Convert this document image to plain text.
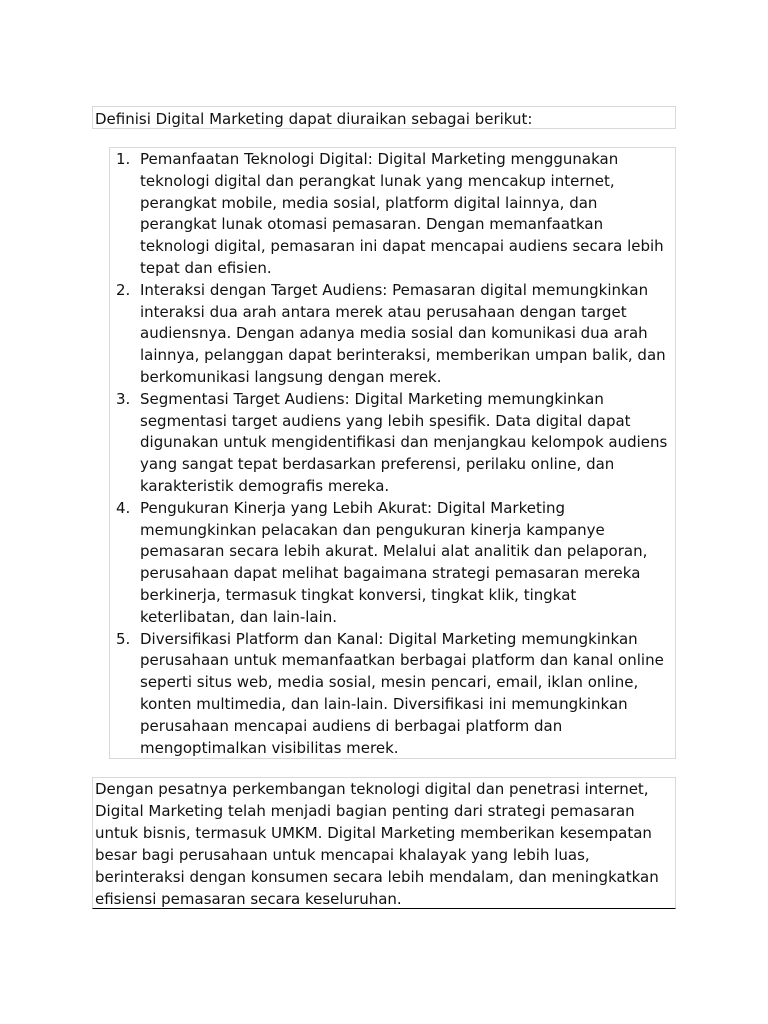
Definisi Digital Marketing dapat diuraikan sebagai berikut:
1. Pemanfaatan Teknologi Digital: Digital Marketing menggunakan teknologi digital dan perangkat lunak yang mencakup internet, perangkat mobile, media sosial, platform digital lainnya, dan perangkat lunak otomasi pemasaran. Dengan memanfaatkan teknologi digital, pemasaran ini dapat mencapai audiens secara lebih tepat dan efisien.
2. Interaksi dengan Target Audiens: Pemasaran digital memungkinkan interaksi dua arah antara merek atau perusahaan dengan target audiensnya. Dengan adanya media sosial dan komunikasi dua arah lainnya, pelanggan dapat berinteraksi, memberikan umpan balik, dan berkomunikasi langsung dengan merek.
3. Segmentasi Target Audiens: Digital Marketing memungkinkan segmentasi target audiens yang lebih spesifik. Data digital dapat digunakan untuk mengidentifikasi dan menjangkau kelompok audiens yang sangat tepat berdasarkan preferensi, perilaku online, dan karakteristik demografis mereka.
4. Pengukuran Kinerja yang Lebih Akurat: Digital Marketing memungkinkan pelacakan dan pengukuran kinerja kampanye pemasaran secara lebih akurat. Melalui alat analitik dan pelaporan, perusahaan dapat melihat bagaimana strategi pemasaran mereka berkinerja, termasuk tingkat konversi, tingkat klik, tingkat keterlibatan, dan lain-lain.
5. Diversifikasi Platform dan Kanal: Digital Marketing memungkinkan perusahaan untuk memanfaatkan berbagai platform dan kanal online seperti situs web, media sosial, mesin pencari, email, iklan online, konten multimedia, dan lain-lain. Diversifikasi ini memungkinkan perusahaan mencapai audiens di berbagai platform dan mengoptimalkan visibilitas merek.
Dengan pesatnya perkembangan teknologi digital dan penetrasi internet, Digital Marketing telah menjadi bagian penting dari strategi pemasaran untuk bisnis, termasuk UMKM. Digital Marketing memberikan kesempatan besar bagi perusahaan untuk mencapai khalayak yang lebih luas, berinteraksi dengan konsumen secara lebih mendalam, dan meningkatkan efisiensi pemasaran secara keseluruhan.
